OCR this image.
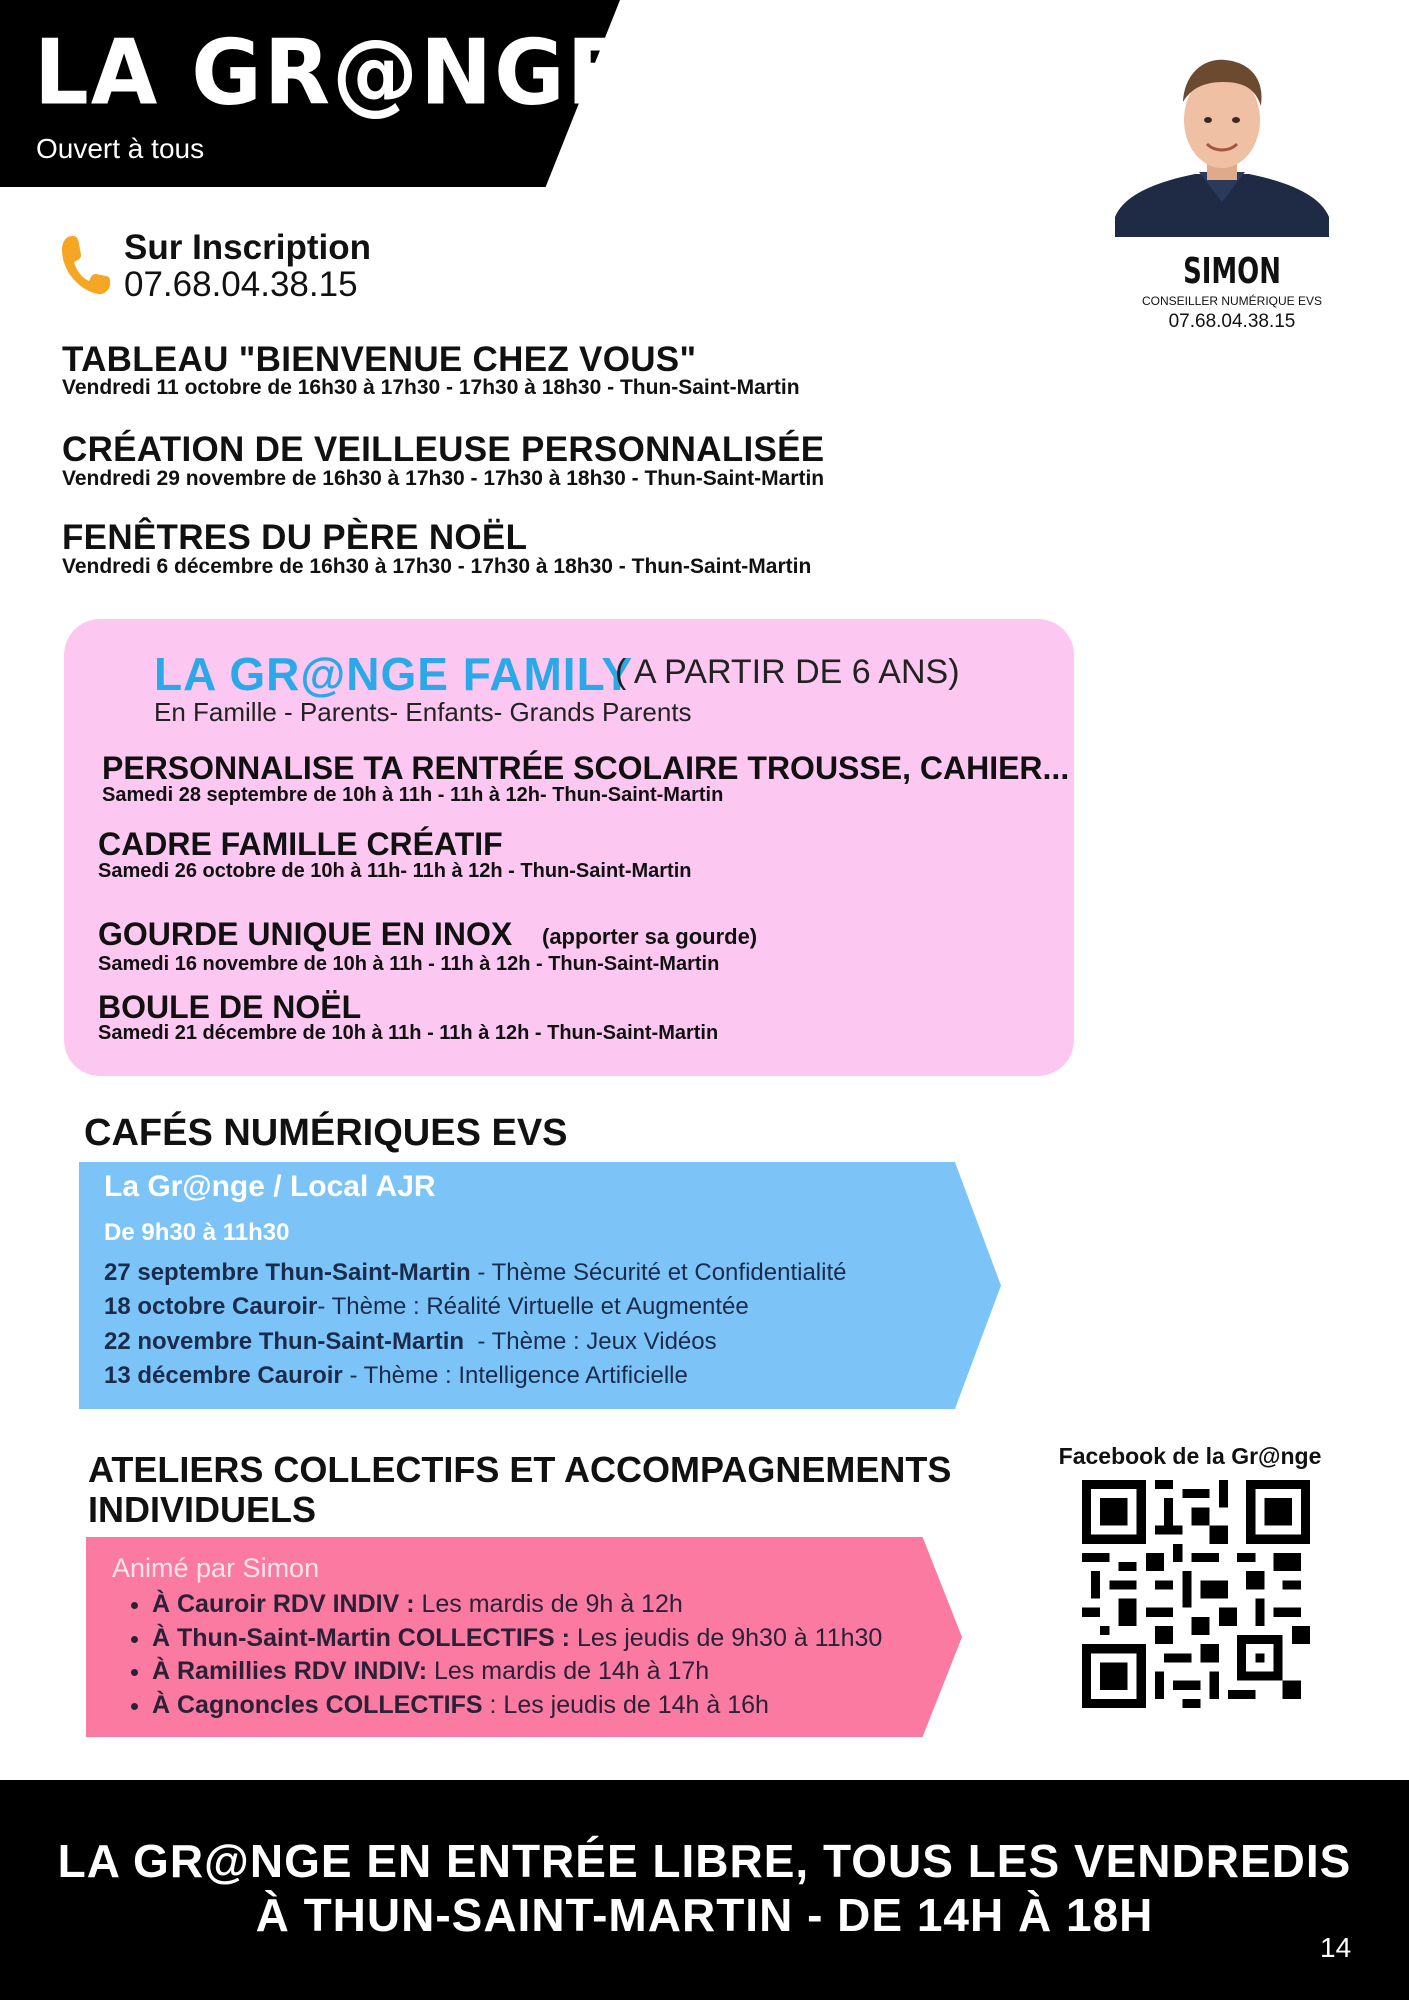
LA GR@NGE
Ouvert à tous
Sur Inscription
07.68.04.38.15	SIMON
CONSEILLER NUMÉRIQUE EVS
07.68.04.38.15
TABLEAU "BIENVENUE CHEZ VOUS"
Vendredi 11 octobre de 16h30 à 17h30 - 17h30 à 18h30 - Thun-Saint-Martin
CRÉATION DE VEILLEUSE PERSONNALISÉE
Vendredi 29 novembre de 16h30 à 17h30 - 17h30 à 18h30 - Thun-Saint-Martin
FENÊTRES DU PÈRE NOËL
Vendredi 6 décembre de 16h30 à 17h30 - 17h30 à 18h30 - Thun-Saint-Martin
LA GR@NGE FAMILY
( A PARTIR DE 6 ANS)
En Famille - Parents- Enfants- Grands Parents
PERSONNALISE TA RENTRÉE SCOLAIRE TROUSSE, CAHIER...
Samedi 28 septembre de 10h à 11h - 11h à 12h- Thun-Saint-Martin
CADRE FAMILLE CRÉATIF
Samedi 26 octobre de 10h à 11h- 11h à 12h - Thun-Saint-Martin
GOURDE UNIQUE EN INOX (apporter sa gourde)
Samedi 16 novembre de 10h à 11h - 11h à 12h - Thun-Saint-Martin
BOULE DE NOËL
Samedi 21 décembre de 10h à 11h - 11h à 12h - Thun-Saint-Martin
CAFÉS NUMÉRIQUES EVS
La Gr@nge / Local AJR
De 9h30 à 11h30
27 septembre Thun-Saint-Martin - Thème Sécurité et Confidentialité
18 octobre Cauroir- Thème : Réalité Virtuelle et Augmentée
22 novembre Thun-Saint-Martin  - Thème : Jeux Vidéos
13 décembre Cauroir - Thème : Intelligence Artificielle
ATELIERS COLLECTIFS ET ACCOMPAGNEMENTS INDIVIDUELS
Animé par Simon
• À Cauroir RDV INDIV : Les mardis de 9h à 12h
• À Thun-Saint-Martin COLLECTIFS : Les jeudis de 9h30 à 11h30
• À Ramillies RDV INDIV: Les mardis de 14h à 17h
• À Cagnoncles COLLECTIFS : Les jeudis de 14h à 16h
Facebook de la Gr@nge
LA GR@NGE EN ENTRÉE LIBRE, TOUS LES VENDREDIS
À THUN-SAINT-MARTIN - DE 14H À 18H
14
